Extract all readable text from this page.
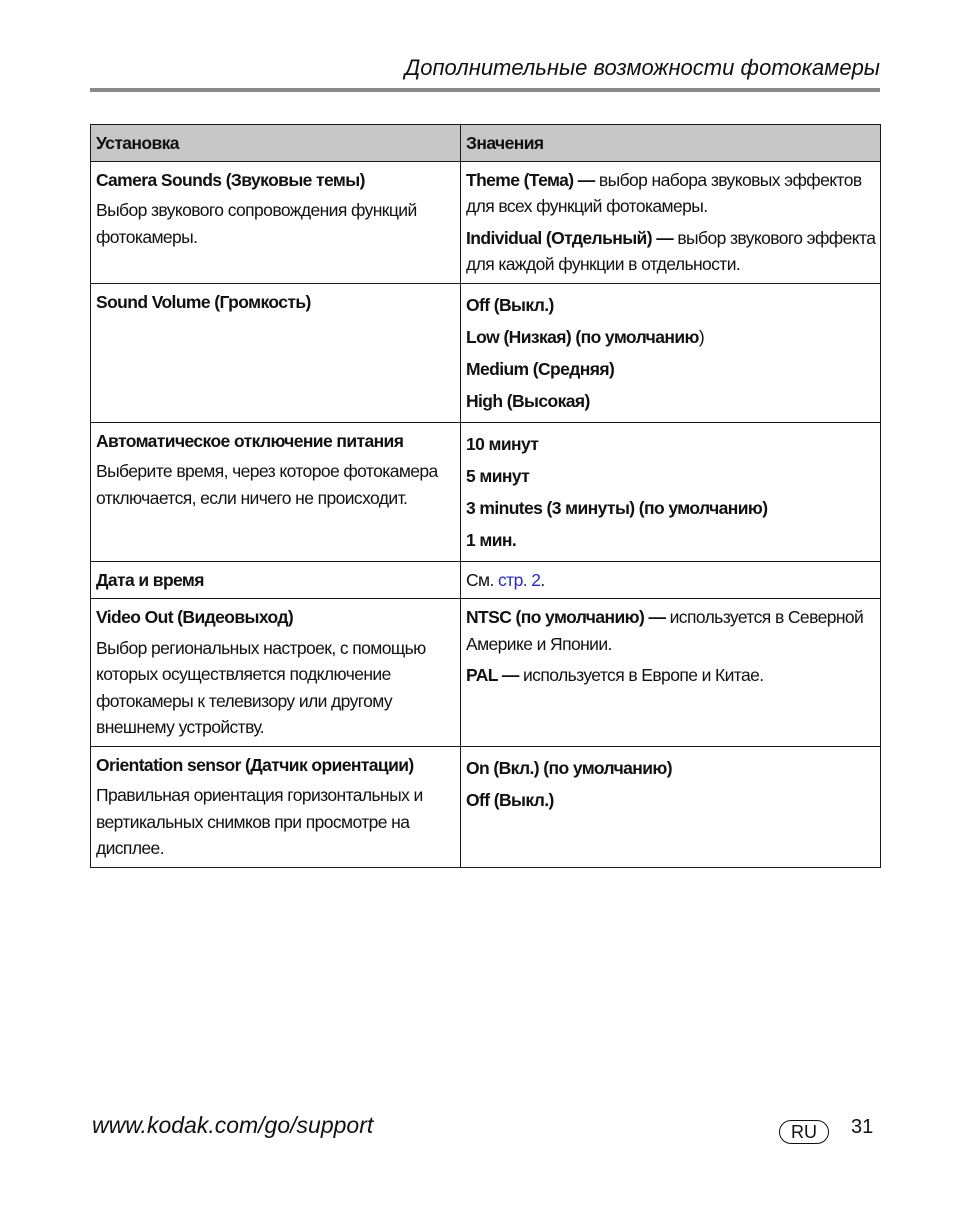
Дополнительные возможности фотокамеры
Установка	Значения
Camera Sounds (Звуковые темы)
Выбор звукового сопровождения функций фотокамеры.	Theme (Тема) — выбор набора звуковых эффектов для всех функций фотокамеры.
Individual (Отдельный) — выбор звукового эффекта для каждой функции в отдельности.

Sound Volume (Громкость)	Off (Выкл.)
Low (Низкая) (по умолчанию)
Medium (Средняя)
High (Высокая)

Автоматическое отключение питания
Выберите время, через которое фотокамера отключается, если ничего не происходит.	10 минут
5 минут
3 minutes (3 минуты) (по умолчанию)
1 мин.

Дата и время	См. стр. 2.
Video Out (Видеовыход)
Выбор региональных настроек, с помощью которых осуществляется подключение фотокамеры к телевизору или другому внешнему устройству.	NTSC (по умолчанию) — используется в Северной Америке и Японии.
PAL — используется в Европе и Китае.

Orientation sensor (Датчик ориентации)
Правильная ориентация горизонтальных и вертикальных снимков при просмотре на дисплее.	On (Вкл.) (по умолчанию)
Off (Выкл.)
www.kodak.com/go/support	RU	31
